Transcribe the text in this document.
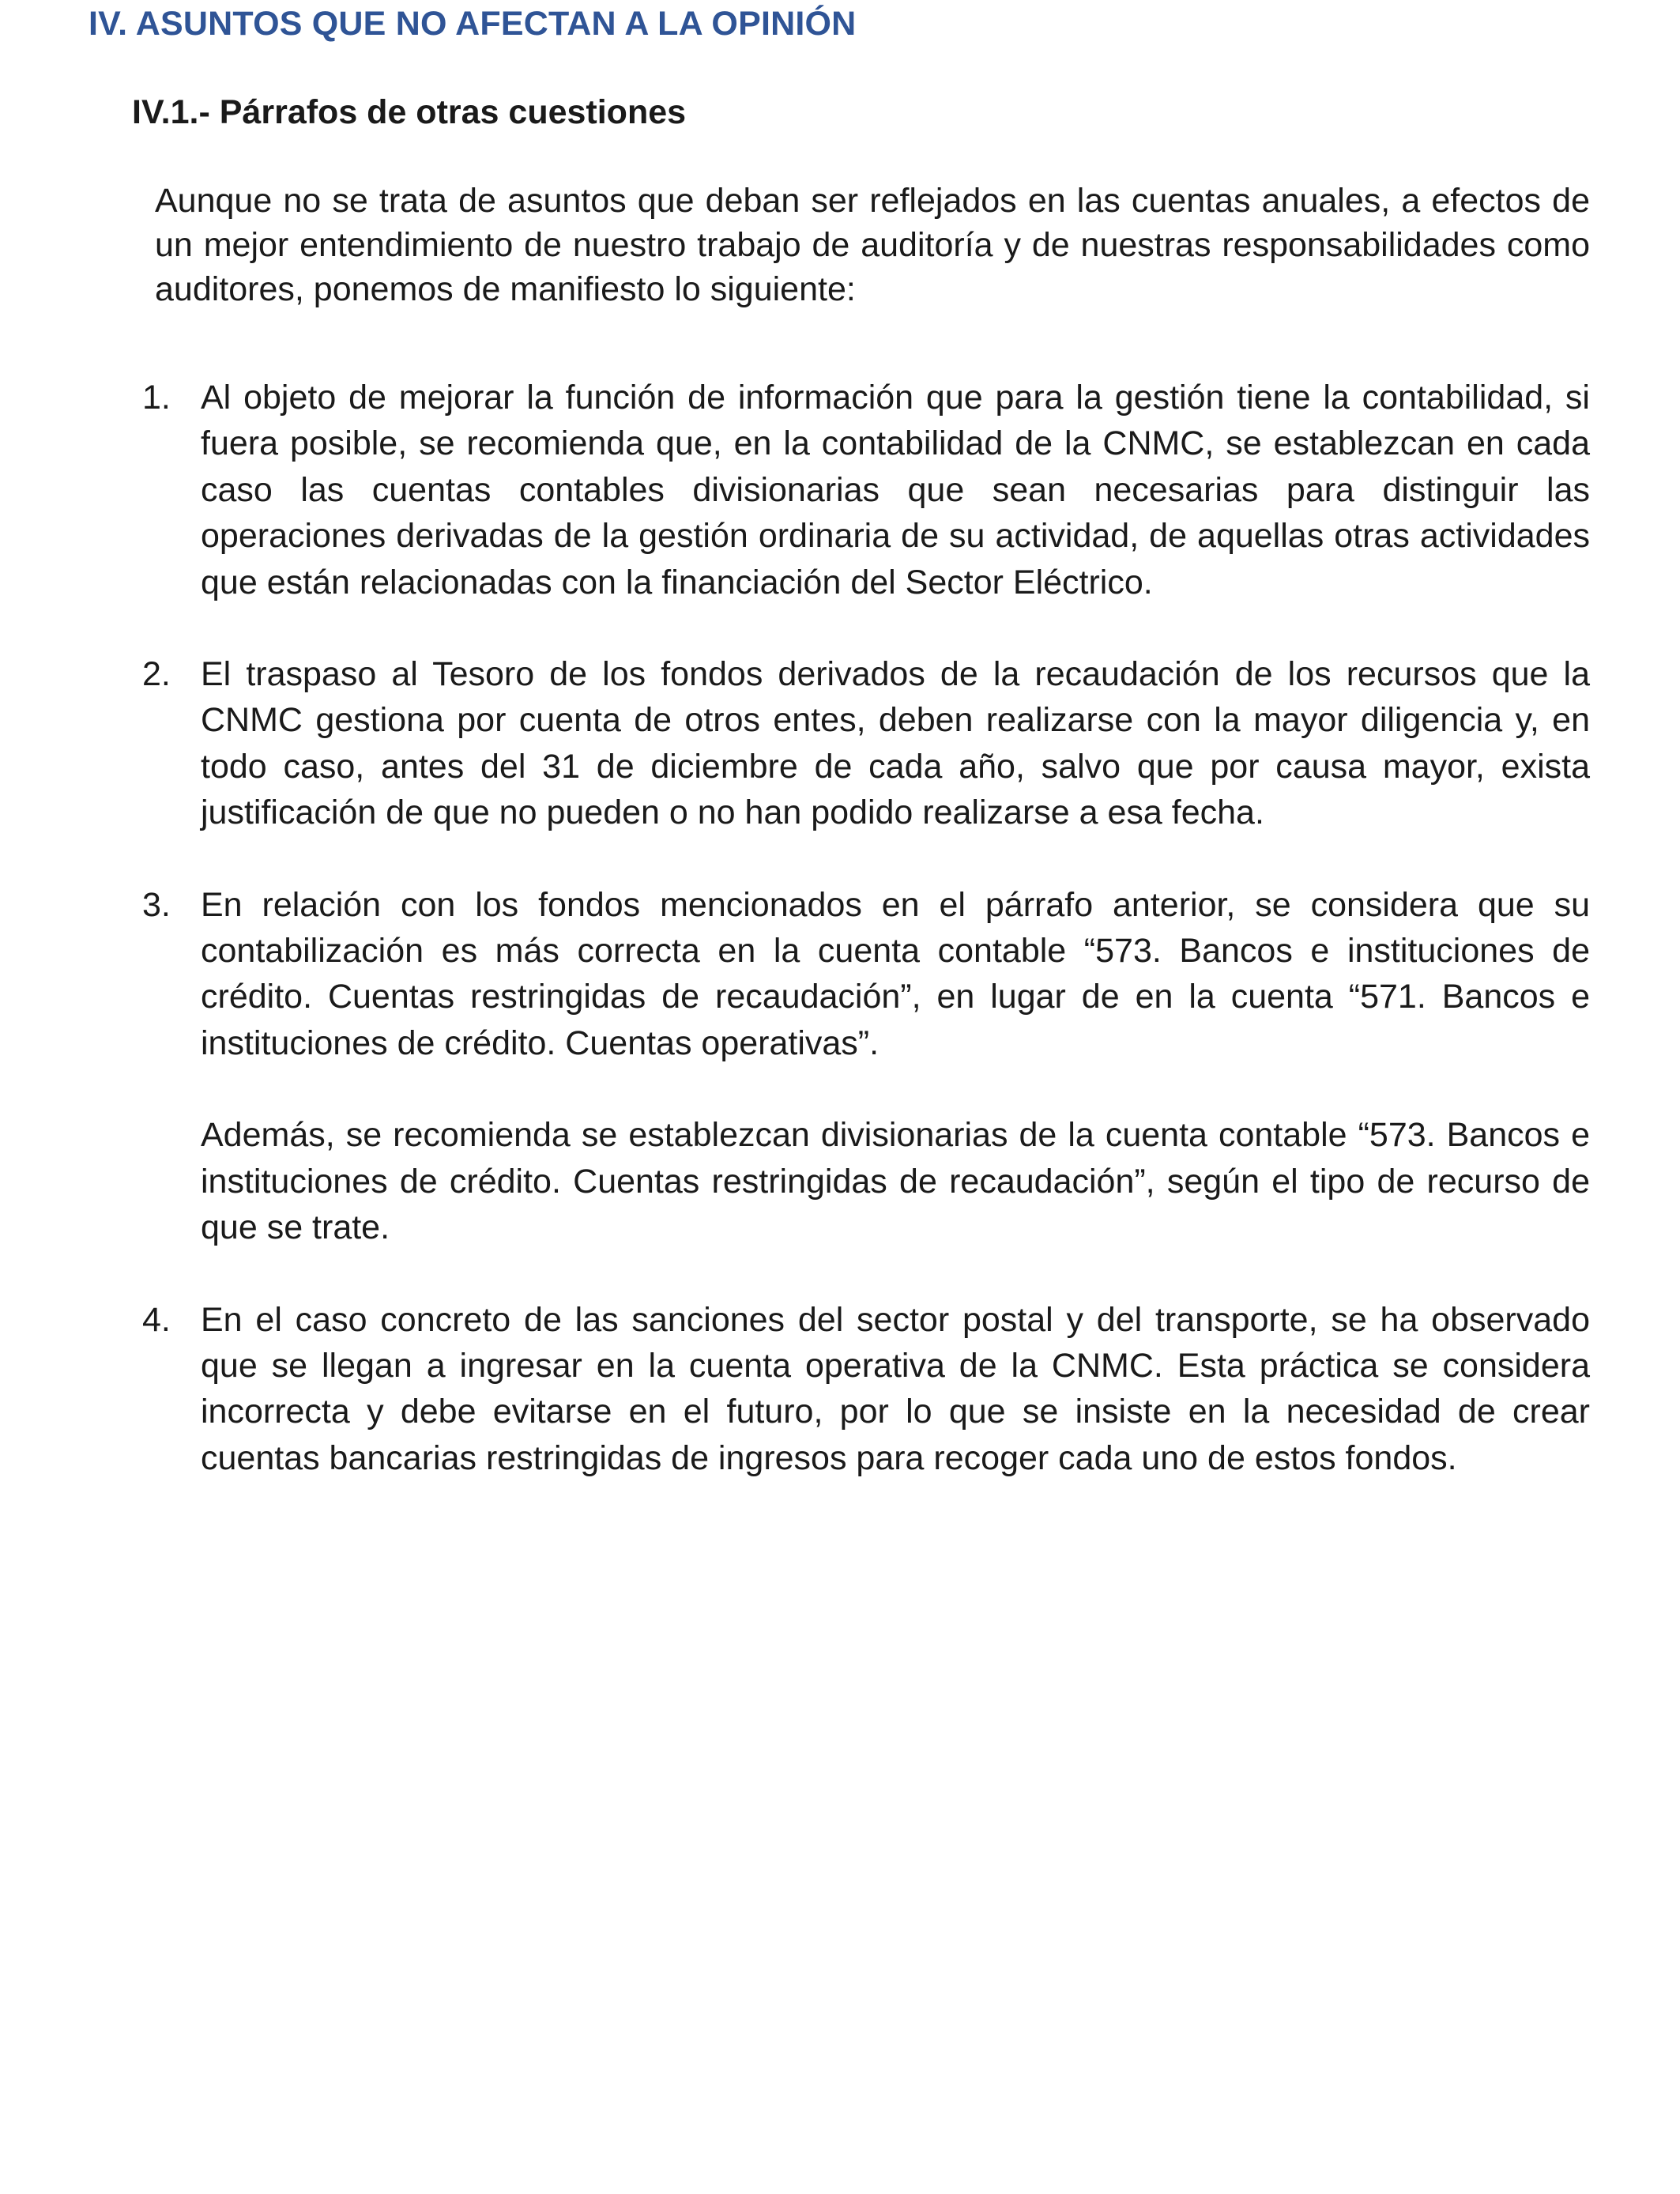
IV. ASUNTOS QUE NO AFECTAN A LA OPINIÓN
IV.1.- Párrafos de otras cuestiones

Aunque no se trata de asuntos que deban ser reflejados en las cuentas anuales, a efectos de un mejor entendimiento de nuestro trabajo de auditoría y de nuestras responsabilidades como auditores, ponemos de manifiesto lo siguiente:

1. Al objeto de mejorar la función de información que para la gestión tiene la contabilidad, si fuera posible, se recomienda que, en la contabilidad de la CNMC, se establezcan en cada caso las cuentas contables divisionarias que sean necesarias para distinguir las operaciones derivadas de la gestión ordinaria de su actividad, de aquellas otras actividades que están relacionadas con la financiación del Sector Eléctrico.

2. El traspaso al Tesoro de los fondos derivados de la recaudación de los recursos que la CNMC gestiona por cuenta de otros entes, deben realizarse con la mayor diligencia y, en todo caso, antes del 31 de diciembre de cada año, salvo que por causa mayor, exista justificación de que no pueden o no han podido realizarse a esa fecha.

3. En relación con los fondos mencionados en el párrafo anterior, se considera que su contabilización es más correcta en la cuenta contable “573. Bancos e instituciones de crédito. Cuentas restringidas de recaudación”, en lugar de en la cuenta “571. Bancos e instituciones de crédito. Cuentas operativas”.

Además, se recomienda se establezcan divisionarias de la cuenta contable “573. Bancos e instituciones de crédito. Cuentas restringidas de recaudación”, según el tipo de recurso de que se trate.

4. En el caso concreto de las sanciones del sector postal y del transporte, se ha observado que se llegan a ingresar en la cuenta operativa de la CNMC. Esta práctica se considera incorrecta y debe evitarse en el futuro, por lo que se insiste en la necesidad de crear cuentas bancarias restringidas de ingresos para recoger cada uno de estos fondos.
